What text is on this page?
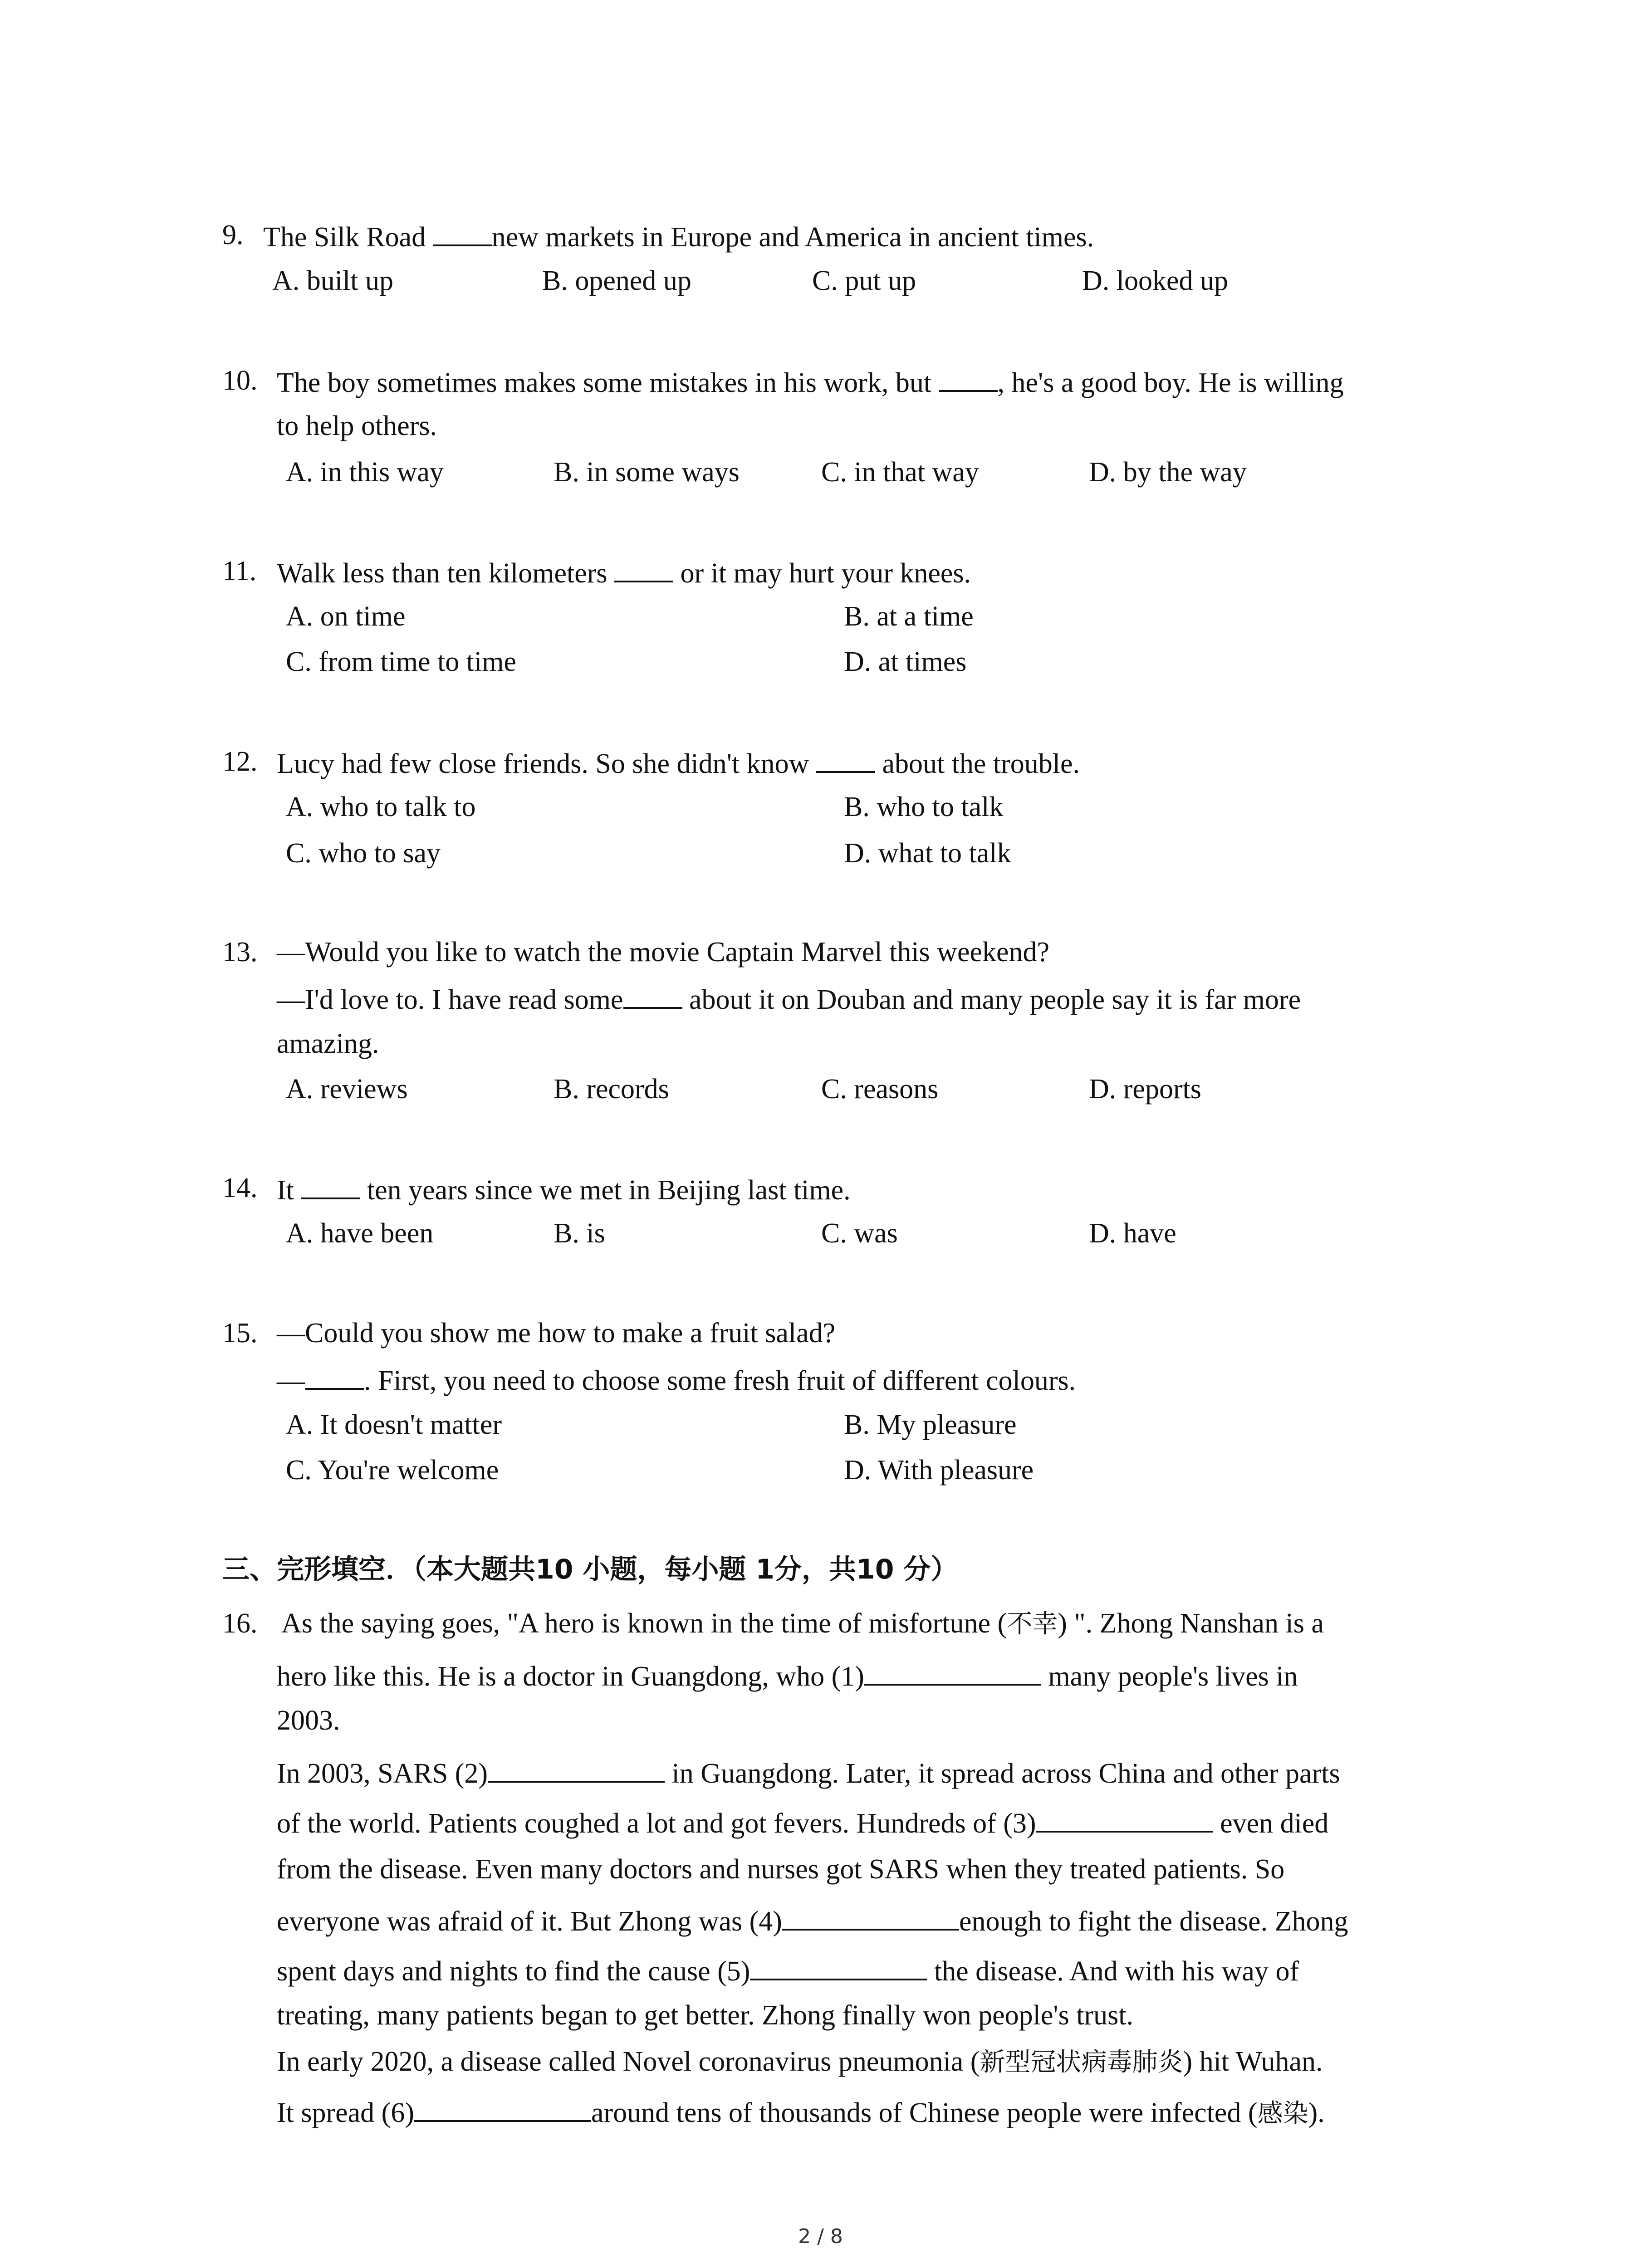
9. The Silk Road new markets in Europe and America in ancient times.
A. built up	B. opened up	C. put up	D. looked up
10. The boy sometimes makes some mistakes in his work, but , he's a good boy. He is willing
to help others.
A. in this way	B. in some ways	C. in that way	D. by the way
11. Walk less than ten kilometers  or it may hurt your knees.
A. on time	B. at a time
C. from time to time	D. at times
12. Lucy had few close friends. So she didn't know  about the trouble.
A. who to talk to	B. who to talk
C. who to say	D. what to talk
13. —Would you like to watch the movie Captain Marvel this weekend?
—I'd love to. I have read some about it on Douban and many people say it is far more
amazing.
A. reviews	B. records	C. reasons	D. reports
14. It  ten years since we met in Beijing last time.
A. have been	B. is	C. was	D. have
15. —Could you show me how to make a fruit salad?
— . First, you need to choose some fresh fruit of different colours.
A. It doesn't matter	B. My pleasure
C. You're welcome	D. With pleasure
三、完形填空．（本大题共10 小题，每小题 1分，共10 分）
16. As the saying goes, "A hero is known in the time of misfortune (不幸) ". Zhong Nanshan is a
hero like this. He is a doctor in Guangdong, who (1)	many people's lives in
2003.
In 2003, SARS (2)	in Guangdong. Later, it spread across China and other parts
of the world. Patients coughed a lot and got fevers. Hundreds of (3)	even died
from the disease. Even many doctors and nurses got SARS when they treated patients. So
everyone was afraid of it. But Zhong was (4)	enough to fight the disease. Zhong
spent days and nights to find the cause (5)	the disease. And with his way of
treating, many patients began to get better. Zhong finally won people's trust.
In early 2020, a disease called Novel coronavirus pneumonia (新型冠状病毒肺炎) hit Wuhan.
It spread (6)	around tens of thousands of Chinese people were infected (感染).
2 / 8
